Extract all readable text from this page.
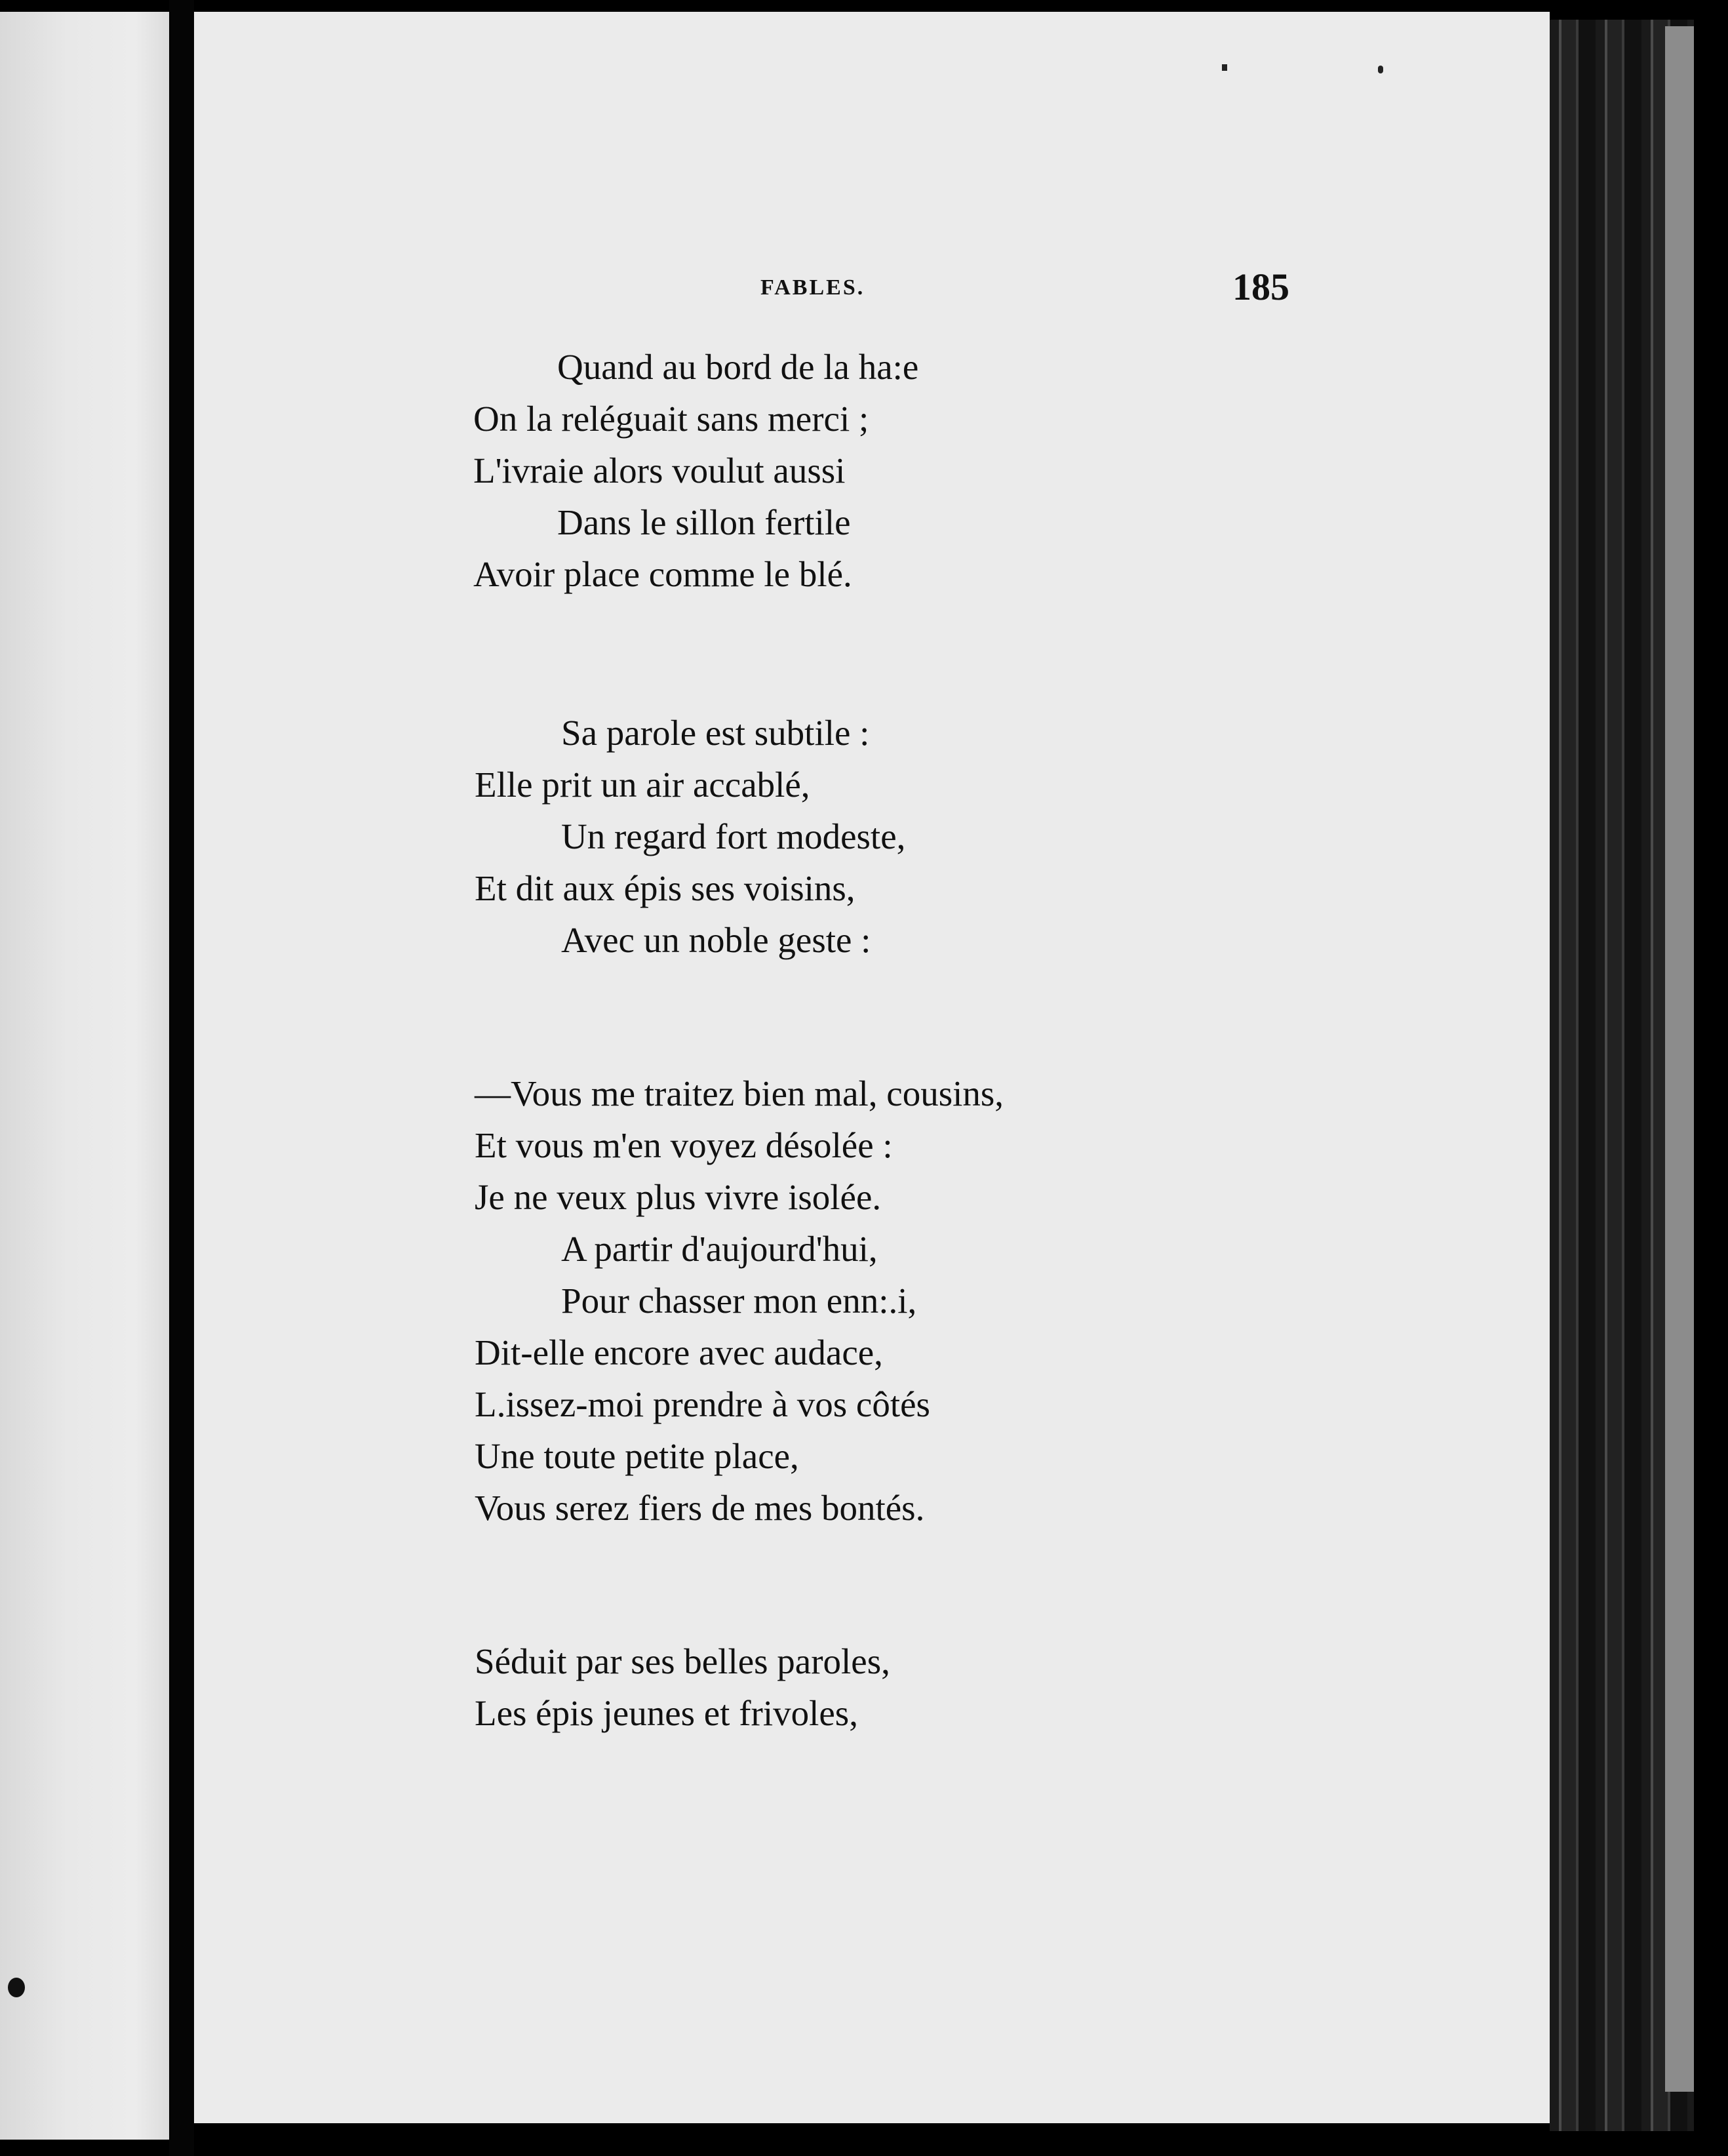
FABLES.	185
Quand au bord de la ha:e
On la reléguait sans merci ;
L'ivraie alors voulut aussi
Dans le sillon fertile
Avoir place comme le blé.
Sa parole est subtile :
Elle prit un air accablé,
Un regard fort modeste,
Et dit aux épis ses voisins,
Avec un noble geste :
—Vous me traitez bien mal, cousins,
Et vous m'en voyez désolée :
Je ne veux plus vivre isolée.
A partir d'aujourd'hui,
Pour chasser mon enn:.i,
Dit-elle encore avec audace,
L.issez-moi prendre à vos côtés
Une toute petite place,
Vous serez fiers de mes bontés.
Séduit par ses belles paroles,
Les épis jeunes et frivoles,
